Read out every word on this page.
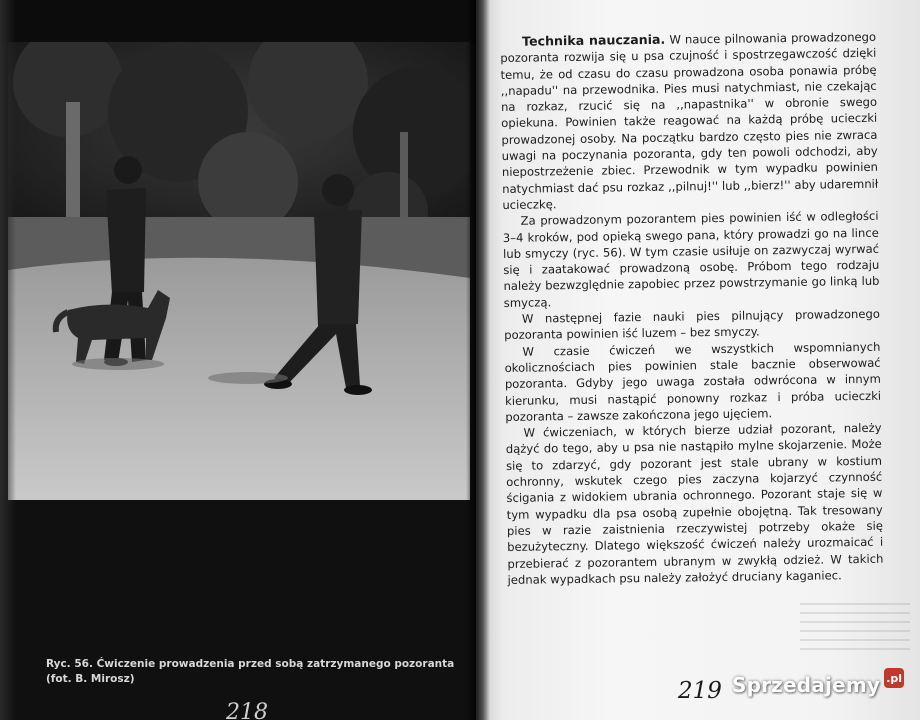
Ryc. 56. Ćwiczenie prowadzenia przed sobą zatrzymanego pozoranta (fot. B. Mirosz)

218

Technika nauczania. W nauce pilnowania prowadzonego pozoranta rozwija się u psa czujność i spostrzegawczość dzięki temu, że od czasu do czasu prowadzona osoba ponawia próbę ,,napadu'' na przewodnika. Pies musi natychmiast, nie czekając na rozkaz, rzucić się na ,,napastnika'' w obronie swego opiekuna. Powinien także reagować na każdą próbę ucieczki prowadzonej osoby. Na początku bardzo często pies nie zwraca uwagi na poczynania pozoranta, gdy ten powoli odchodzi, aby niepostrzeżenie zbiec. Przewodnik w tym wypadku powinien natychmiast dać psu rozkaz ,,pilnuj!'' lub ,,bierz!'' aby udaremnił ucieczkę.

Za prowadzonym pozorantem pies powinien iść w odległości 3–4 kroków, pod opieką swego pana, który prowadzi go na lince lub smyczy (ryc. 56). W tym czasie usiłuje on zazwyczaj wyrwać się i zaatakować prowadzoną osobę. Próbom tego rodzaju należy bezwzględnie zapobiec przez powstrzymanie go linką lub smyczą.

W następnej fazie nauki pies pilnujący prowadzonego pozoranta powinien iść luzem – bez smyczy.

W czasie ćwiczeń we wszystkich wspomnianych okolicznościach pies powinien stale bacznie obserwować pozoranta. Gdyby jego uwaga została odwrócona w innym kierunku, musi nastąpić ponowny rozkaz i próba ucieczki pozoranta – zawsze zakończona jego ujęciem.

W ćwiczeniach, w których bierze udział pozorant, należy dążyć do tego, aby u psa nie nastąpiło mylne skojarzenie. Może się to zdarzyć, gdy pozorant jest stale ubrany w kostium ochronny, wskutek czego pies zaczyna kojarzyć czynność ścigania z widokiem ubrania ochronnego. Pozorant staje się w tym wypadku dla psa osobą zupełnie obojętną. Tak tresowany pies w razie zaistnienia rzeczywistej potrzeby okaże się bezużyteczny. Dlatego większość ćwiczeń należy urozmaicać i przebierać z pozorantem ubranym w zwykłą odzież. W takich jednak wypadkach psu należy założyć druciany kaganiec.

219 Sprzedajemy .pl
